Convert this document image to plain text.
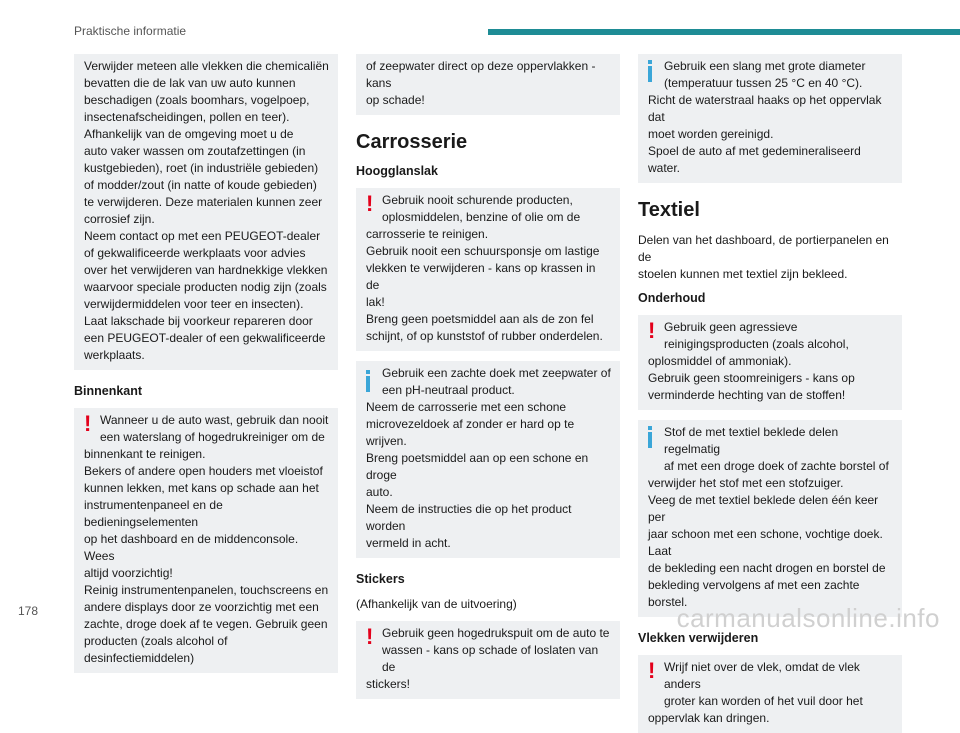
Praktische informatie

Verwijder meteen alle vlekken die chemicaliën
bevatten die de lak van uw auto kunnen
beschadigen (zoals boomhars, vogelpoep,
insectenafscheidingen, pollen en teer).
Afhankelijk van de omgeving moet u de
auto vaker wassen om zoutafzettingen (in
kustgebieden), roet (in industriële gebieden)
of modder/zout (in natte of koude gebieden)
te verwijderen. Deze materialen kunnen zeer
corrosief zijn.
Neem contact op met een PEUGEOT-dealer
of gekwalificeerde werkplaats voor advies
over het verwijderen van hardnekkige vlekken
waarvoor speciale producten nodig zijn (zoals
verwijdermiddelen voor teer en insecten).
Laat lakschade bij voorkeur repareren door
een PEUGEOT-dealer of een gekwalificeerde
werkplaats.

Binnenkant
! Wanneer u de auto wast, gebruik dan nooit
een waterslang of hogedrukreiniger om de

binnenkant te reinigen.
Bekers of andere open houders met vloeistof
kunnen lekken, met kans op schade aan het
instrumentenpaneel en de bedieningselementen
op het dashboard en de middenconsole. Wees
altijd voorzichtig!
Reinig instrumentenpanelen, touchscreens en
andere displays door ze voorzichtig met een
zachte, droge doek af te vegen. Gebruik geen
producten (zoals alcohol of desinfectiemiddelen)

of zeepwater direct op deze oppervlakken - kans
op schade!

Carrosserie
Hoogglanslak
! Gebruik nooit schurende producten,
oplosmiddelen, benzine of olie om de

carrosserie te reinigen.
Gebruik nooit een schuursponsje om lastige
vlekken te verwijderen - kans op krassen in de
lak!
Breng geen poetsmiddel aan als de zon fel
schijnt, of op kunststof of rubber onderdelen.

Gebruik een zachte doek met zeepwater of
een pH-neutraal product.

Neem de carrosserie met een schone
microvezeldoek af zonder er hard op te wrijven.
Breng poetsmiddel aan op een schone en droge
auto.
Neem de instructies die op het product worden
vermeld in acht.

Stickers

(Afhankelijk van de uitvoering)

! Gebruik geen hogedrukspuit om de auto te
wassen - kans op schade of loslaten van de

stickers!

Gebruik een slang met grote diameter
(temperatuur tussen 25 °C en 40 °C).

Richt de waterstraal haaks op het oppervlak dat
moet worden gereinigd.
Spoel de auto af met gedemineraliseerd water.

Textiel

Delen van het dashboard, de portierpanelen en de
stoelen kunnen met textiel zijn bekleed.

Onderhoud
! Gebruik geen agressieve
reinigingsproducten (zoals alcohol,

oplosmiddel of ammoniak).
Gebruik geen stoomreinigers - kans op
verminderde hechting van de stoffen!

Stof de met textiel beklede delen regelmatig
af met een droge doek of zachte borstel of

verwijder het stof met een stofzuiger.
Veeg de met textiel beklede delen één keer per
jaar schoon met een schone, vochtige doek. Laat
de bekleding een nacht drogen en borstel de
bekleding vervolgens af met een zachte borstel.

Vlekken verwijderen
! Wrijf niet over de vlek, omdat de vlek anders
groter kan worden of het vuil door het

oppervlak kan dringen.

178	carmanualsonline.info
